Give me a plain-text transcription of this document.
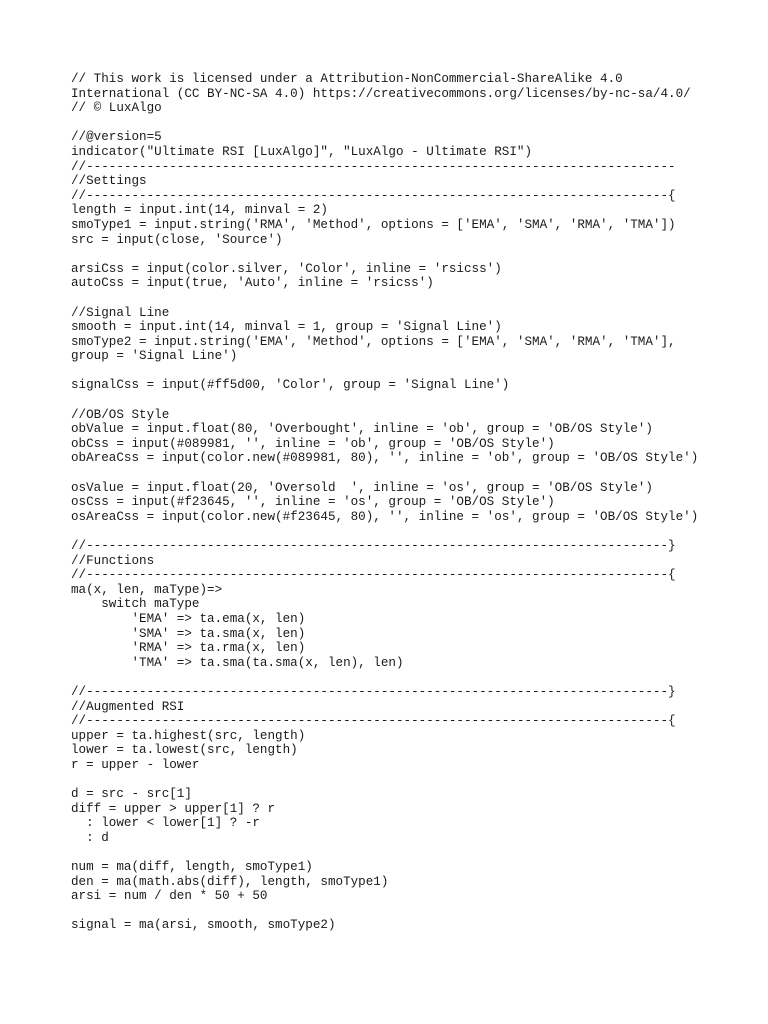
// This work is licensed under a Attribution-NonCommercial-ShareAlike 4.0
International (CC BY-NC-SA 4.0) https://creativecommons.org/licenses/by-nc-sa/4.0/
// © LuxAlgo
//@version=5
indicator("Ultimate RSI [LuxAlgo]", "LuxAlgo - Ultimate RSI")
//------------------------------------------------------------------------------
//Settings
//-----------------------------------------------------------------------------{
length = input.int(14, minval = 2)
smoType1 = input.string('RMA', 'Method', options = ['EMA', 'SMA', 'RMA', 'TMA'])
src = input(close, 'Source')
arsiCss = input(color.silver, 'Color', inline = 'rsicss')
autoCss = input(true, 'Auto', inline = 'rsicss')
//Signal Line
smooth = input.int(14, minval = 1, group = 'Signal Line')
smoType2 = input.string('EMA', 'Method', options = ['EMA', 'SMA', 'RMA', 'TMA'],
group = 'Signal Line')
signalCss = input(#ff5d00, 'Color', group = 'Signal Line')
//OB/OS Style
obValue = input.float(80, 'Overbought', inline = 'ob', group = 'OB/OS Style')
obCss = input(#089981, '', inline = 'ob', group = 'OB/OS Style')
obAreaCss = input(color.new(#089981, 80), '', inline = 'ob', group = 'OB/OS Style')
osValue = input.float(20, 'Oversold  ', inline = 'os', group = 'OB/OS Style')
osCss = input(#f23645, '', inline = 'os', group = 'OB/OS Style')
osAreaCss = input(color.new(#f23645, 80), '', inline = 'os', group = 'OB/OS Style')
//-----------------------------------------------------------------------------}
//Functions
//-----------------------------------------------------------------------------{
ma(x, len, maType)=>
switch maType
'EMA' => ta.ema(x, len)
'SMA' => ta.sma(x, len)
'RMA' => ta.rma(x, len)
'TMA' => ta.sma(ta.sma(x, len), len)
//-----------------------------------------------------------------------------}
//Augmented RSI
//-----------------------------------------------------------------------------{
upper = ta.highest(src, length)
lower = ta.lowest(src, length)
r = upper - lower
d = src - src[1]
diff = upper > upper[1] ? r
: lower < lower[1] ? -r
: d
num = ma(diff, length, smoType1)
den = ma(math.abs(diff), length, smoType1)
arsi = num / den * 50 + 50
signal = ma(arsi, smooth, smoType2)
